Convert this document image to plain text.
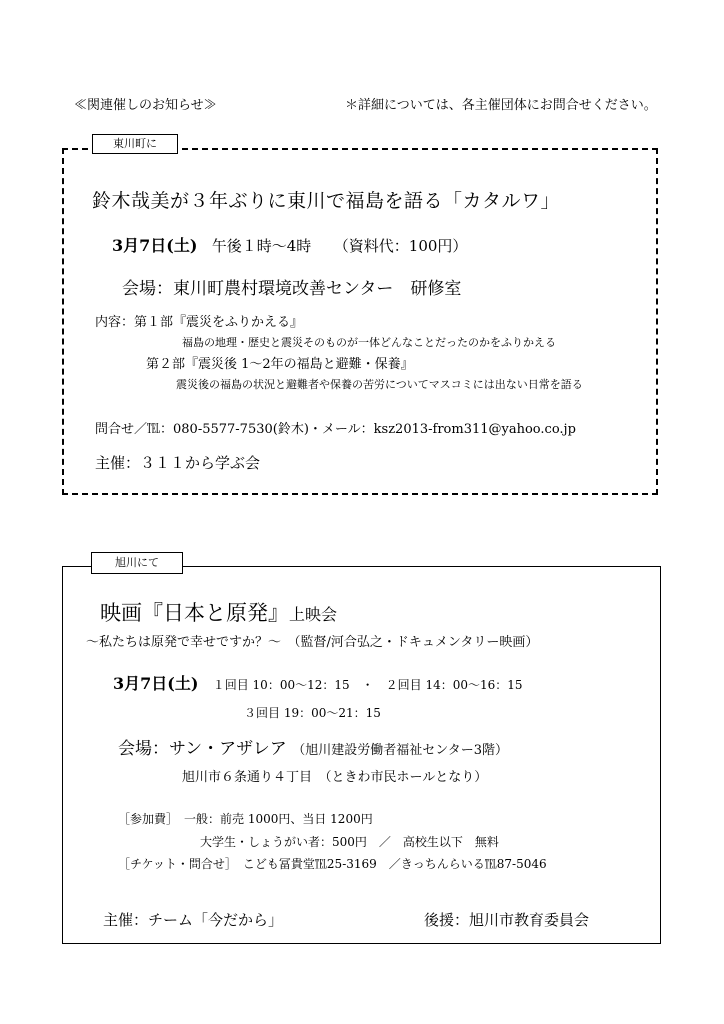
≪関連催しのお知らせ≫	＊詳細については、各主催団体にお問合せください。
東川町に
鈴木哉美が３年ぶりに東川で福島を語る「カタルワ」
3月7日(土) 午後１時〜4時　　（資料代：100円）
会場：東川町農村環境改善センター　研修室
内容：第１部『震災をふりかえる』
福島の地理・歴史と震災そのものが一体どんなことだったのかをふりかえる
第２部『震災後 1〜2年の福島と避難・保養』
震災後の福島の状況と避難者や保養の苦労についてマスコミには出ない日常を語る
問合せ／℡：080-5577-7530(鈴木)・メール：ksz2013-from311@yahoo.co.jp
主催：３１１から学ぶ会
旭川にて
映画『日本と原発』上映会
〜私たちは原発で幸せですか？〜　（監督/河合弘之・ドキュメンタリー映画）
3月7日(土) １回目 10：00〜12：15　・　２回目 14：00〜16：15
３回目 19：00〜21：15
会場：サン・アザレア （旭川建設労働者福祉センター3階）
旭川市６条通り４丁目　（ときわ市民ホールとなり）
［参加費］　一般：前売 1000円、当日 1200円
大学生・しょうがい者：500円　／　高校生以下　無料
［チケット・問合せ］　こども冨貴堂℡25-3169　／きっちんらいる℡87-5046
主催：チーム「今だから」	後援：旭川市教育委員会
